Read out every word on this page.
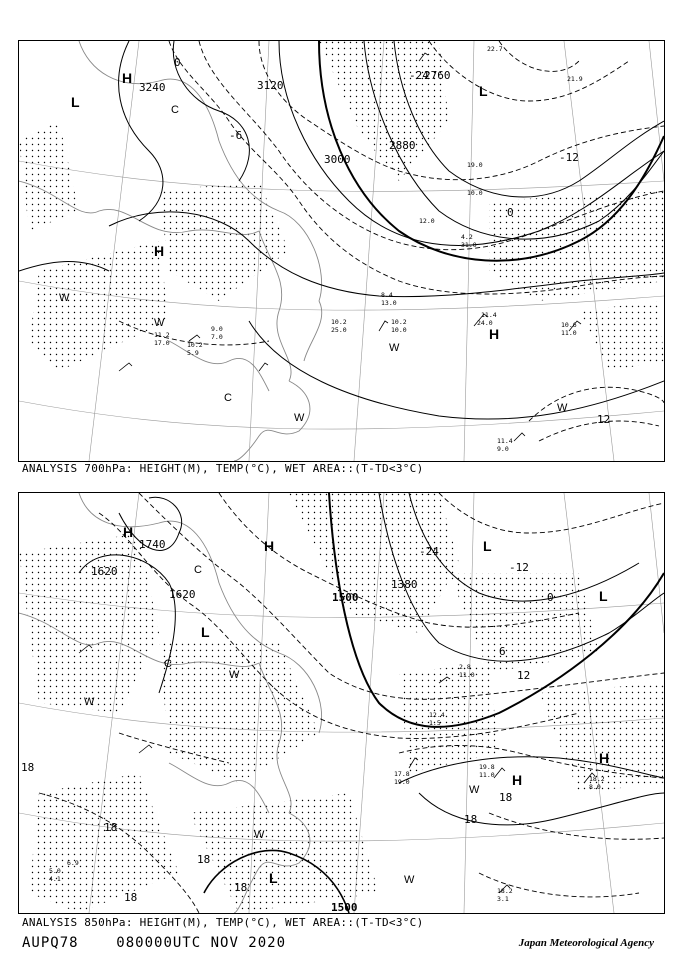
3240	3120
3000
2880
2760
0
-6
-24
0
-12
12
H
L
H
H
L
W
W
W
W
W
C
C
11.4
24.0	10.6
11.0
10.2
25.0
10.2
10.0
11.2
17.0
9.0
7.0
11.4
9.0
10.2
5.9
22.7
21.9
19.0
10.0
12.0
8.4
13.0
4.2
31.0
ANALYSIS 700hPa: HEIGHT(M), TEMP(°C), WET AREA::(T-TD<3°C)
1740
1620
1620	1500
1500
1380
-24
-12
0
6
12
18
18
18
18
18
18
18
H
H
L
L
H
H
L
L
W
W
W
W
W
C
C
19.8
11.0	18.2
8.0
17.8
19.0
18.2
3.1
12.4
1.5
2.8
11.0
5.0
4.1
6.9
ANALYSIS 850hPa: HEIGHT(M), TEMP(°C), WET AREA::(T-TD<3°C)
AUPQ78	080000UTC NOV 2020	Japan Meteorological Agency
